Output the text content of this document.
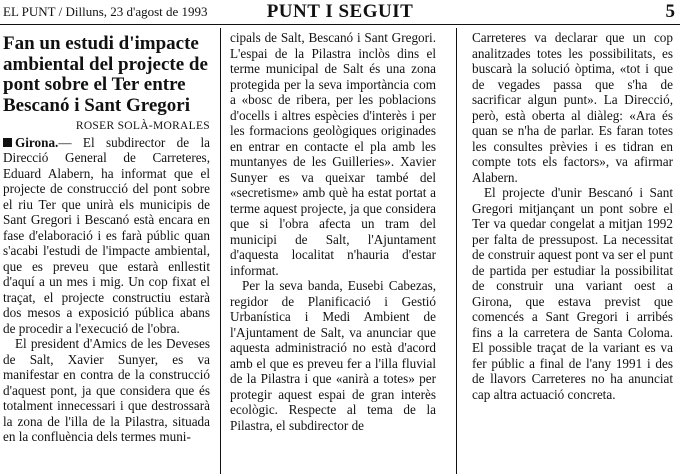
EL PUNT / Dilluns, 23 d'agost de 1993	PUNT I SEGUIT	5
Fan un estudi d'impacte ambiental del projecte de pont sobre el Ter entre Bescanó i Sant Gregori
ROSER SOLÀ-MORALES

Girona.— El subdirector de la Direcció General de Carreteres, Eduard Alabern, ha informat que el projecte de construcció del pont sobre el riu Ter que unirà els municipis de Sant Gregori i Bescanó està encara en fase d'elaboració i es farà públic quan s'acabi l'estudi de l'impacte ambiental, que es preveu que estarà enllestit d'aquí a un mes i mig. Un cop fixat el traçat, el projecte constructiu estarà dos mesos a exposició pública abans de procedir a l'execució de l'obra.

El president d'Amics de les Deveses de Salt, Xavier Sunyer, es va manifestar en contra de la construcció d'aquest pont, ja que considera que és totalment innecessari i que destrossarà la zona de l'illa de la Pilastra, situada en la confluència dels termes muni-

cipals de Salt, Bescanó i Sant Gregori. L'espai de la Pilastra inclòs dins el terme municipal de Salt és una zona protegida per la seva importància com a «bosc de ribera, per les poblacions d'ocells i altres espècies d'interès i per les formacions geològiques originades en entrar en contacte el pla amb les muntanyes de les Guilleries». Xavier Sunyer es va queixar també del «secretisme» amb què ha estat portat a terme aquest projecte, ja que considera que si l'obra afecta un tram del municipi de Salt, l'Ajuntament d'aquesta localitat n'hauria d'estar informat.

Per la seva banda, Eusebi Cabezas, regidor de Planificació i Gestió Urbanística i Medi Ambient de l'Ajuntament de Salt, va anunciar que aquesta administració no està d'acord amb el que es preveu fer a l'illa fluvial de la Pilastra i que «anirà a totes» per protegir aquest espai de gran interès ecològic. Respecte al tema de la Pilastra, el subdirector de

Carreteres va declarar que un cop analitzades totes les possibilitats, es buscarà la solució òptima, «tot i que de vegades passa que s'ha de sacrificar algun punt». La Direcció, però, està oberta al diàleg: «Ara és quan se n'ha de parlar. Es faran totes les consultes prèvies i es tidran en compte tots els factors», va afirmar Alabern.

El projecte d'unir Bescanó i Sant Gregori mitjançant un pont sobre el Ter va quedar congelat a mitjan 1992 per falta de pressupost. La necessitat de construir aquest pont va ser el punt de partida per estudiar la possibilitat de construir una variant oest a Girona, que estava previst que comencés a Sant Gregori i arribés fins a la carretera de Santa Coloma. El possible traçat de la variant es va fer públic a final de l'any 1991 i des de llavors Carreteres no ha anunciat cap altra actuació concreta.
